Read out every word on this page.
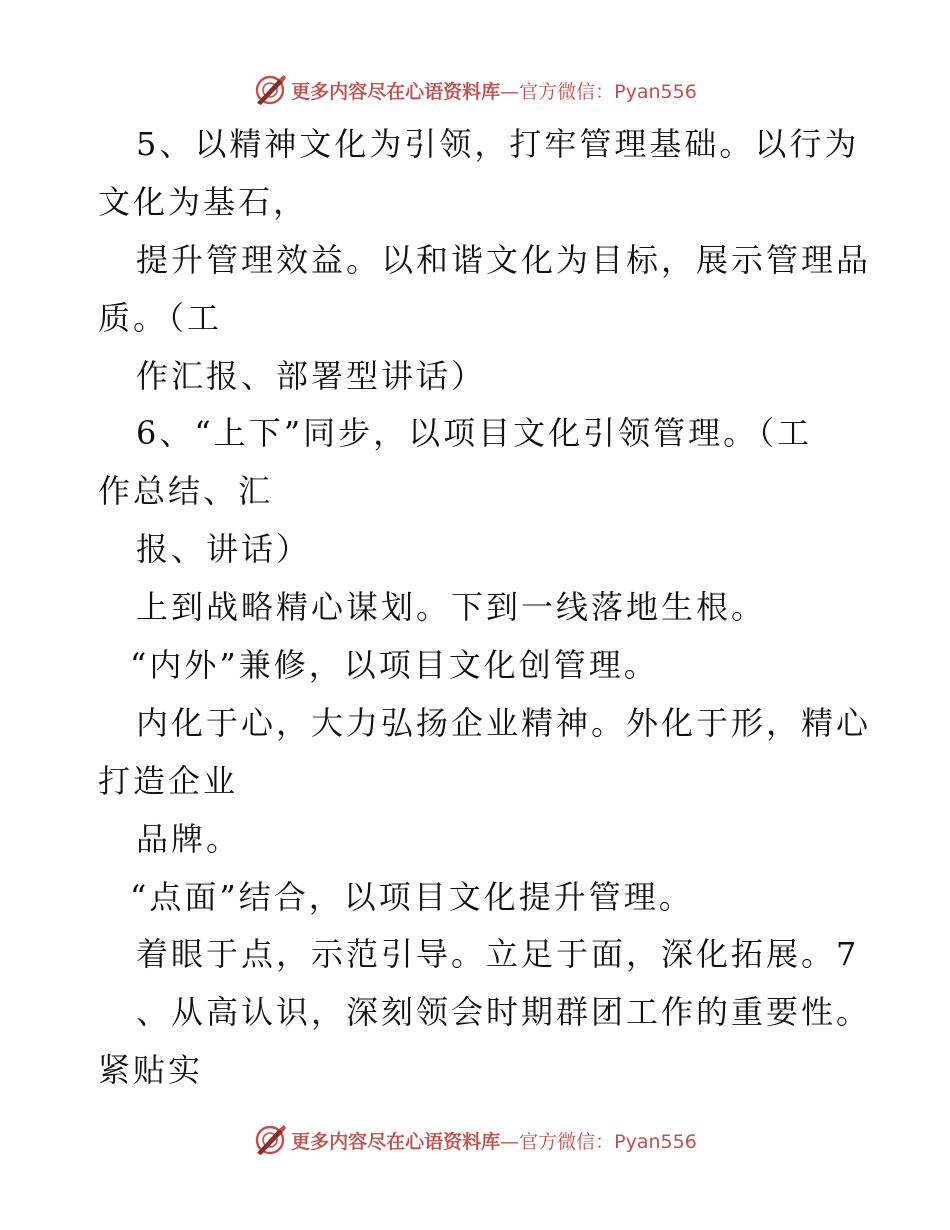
更多内容尽在心语资料库—官方微信：Pyan556
5、以精神文化为引领，打牢管理基础。以行为
文化为基石，
提升管理效益。以和谐文化为目标，展示管理品
质。（工
作汇报、部署型讲话）
6、“上下”同步，以项目文化引领管理。（工
作总结、汇
报、讲话）
上到战略精心谋划。下到一线落地生根。
“内外”兼修，以项目文化创管理。
内化于心，大力弘扬企业精神。外化于形，精心
打造企业
品牌。
“点面”结合，以项目文化提升管理。
着眼于点，示范引导。立足于面，深化拓展。7
、从高认识，深刻领会时期群团工作的重要性。
紧贴实
更多内容尽在心语资料库—官方微信：Pyan556
